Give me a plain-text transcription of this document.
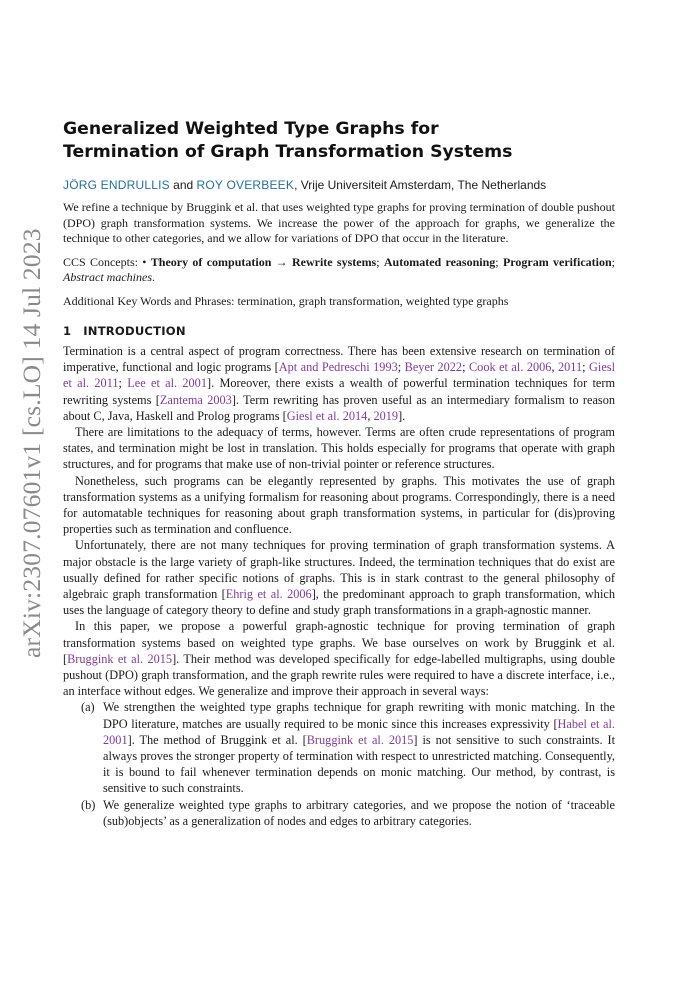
arXiv:2307.07601v1 [cs.LO] 14 Jul 2023
Generalized Weighted Type Graphs for
Termination of Graph Transformation Systems
JÖRG ENDRULLIS and ROY OVERBEEK, Vrije Universiteit Amsterdam, The Netherlands
We refine a technique by Bruggink et al. that uses weighted type graphs for proving termination of double pushout (DPO) graph transformation systems. We increase the power of the approach for graphs, we generalize the technique to other categories, and we allow for variations of DPO that occur in the literature.
CCS Concepts: • Theory of computation → Rewrite systems; Automated reasoning; Program verification; Abstract machines.
Additional Key Words and Phrases: termination, graph transformation, weighted type graphs
1 INTRODUCTION

Termination is a central aspect of program correctness. There has been extensive research on termination of imperative, functional and logic programs [Apt and Pedreschi 1993; Beyer 2022; Cook et al. 2006, 2011; Giesl et al. 2011; Lee et al. 2001]. Moreover, there exists a wealth of powerful termination techniques for term rewriting systems [Zantema 2003]. Term rewriting has proven useful as an intermediary formalism to reason about C, Java, Haskell and Prolog programs [Giesl et al. 2014, 2019].

There are limitations to the adequacy of terms, however. Terms are often crude representations of program states, and termination might be lost in translation. This holds especially for programs that operate with graph structures, and for programs that make use of non-trivial pointer or reference structures.

Nonetheless, such programs can be elegantly represented by graphs. This motivates the use of graph transformation systems as a unifying formalism for reasoning about programs. Correspondingly, there is a need for automatable techniques for reasoning about graph transformation systems, in particular for (dis)proving properties such as termination and confluence.

Unfortunately, there are not many techniques for proving termination of graph transformation systems. A major obstacle is the large variety of graph-like structures. Indeed, the termination techniques that do exist are usually defined for rather specific notions of graphs. This is in stark contrast to the general philosophy of algebraic graph transformation [Ehrig et al. 2006], the predominant approach to graph transformation, which uses the language of category theory to define and study graph transformations in a graph-agnostic manner.

In this paper, we propose a powerful graph-agnostic technique for proving termination of graph transformation systems based on weighted type graphs. We base ourselves on work by Bruggink et al. [Bruggink et al. 2015]. Their method was developed specifically for edge-labelled multigraphs, using double pushout (DPO) graph transformation, and the graph rewrite rules were required to have a discrete interface, i.e., an interface without edges. We generalize and improve their approach in several ways:

(a) We strengthen the weighted type graphs technique for graph rewriting with monic matching. In the DPO literature, matches are usually required to be monic since this increases expressivity [Habel et al. 2001]. The method of Bruggink et al. [Bruggink et al. 2015] is not sensitive to such constraints. It always proves the stronger property of termination with respect to unrestricted matching. Consequently, it is bound to fail whenever termination depends on monic matching. Our method, by contrast, is sensitive to such constraints.
(b) We generalize weighted type graphs to arbitrary categories, and we propose the notion of ‘traceable (sub)objects’ as a generalization of nodes and edges to arbitrary categories.
